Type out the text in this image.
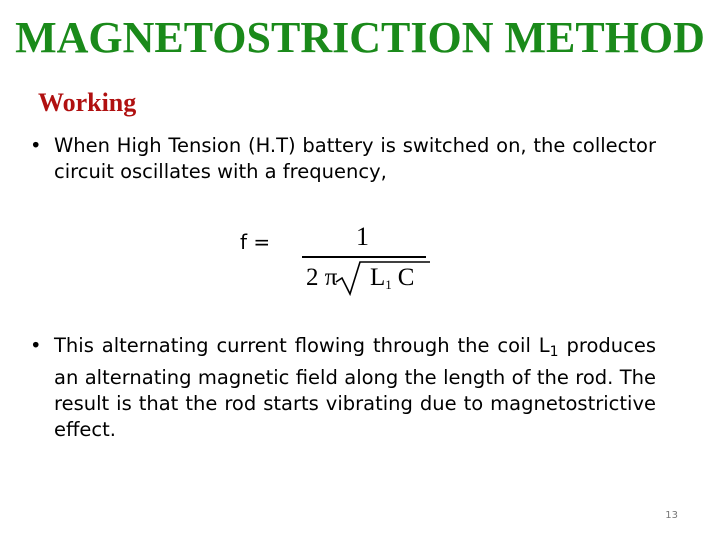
MAGNETOSTRICTION METHOD
Working
• When High Tension (H.T) battery is switched on, the collector circuit oscillates with a frequency,
f =	1
2 π $L_1$ C
• This alternating current flowing through the coil $L_1$ produces an alternating magnetic field along the length of the rod. The result is that the rod starts vibrating due to magnetostrictive effect.
13
